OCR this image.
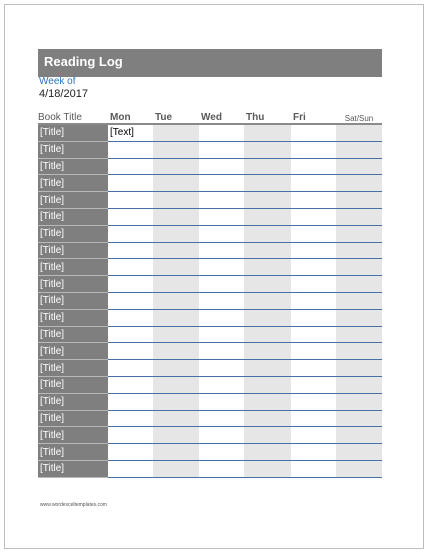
Reading Log
Week of
4/18/2017
Book Title	Mon	Tue	Wed	Thu	Fri	Sat/Sun
[Title]	[Text]					
[Title]						
[Title]						
[Title]						
[Title]						
[Title]						
[Title]						
[Title]						
[Title]						
[Title]						
[Title]						
[Title]						
[Title]						
[Title]						
[Title]						
[Title]						
[Title]						
[Title]						
[Title]						
[Title]						
[Title]						
www.wordexceltemplates.com
